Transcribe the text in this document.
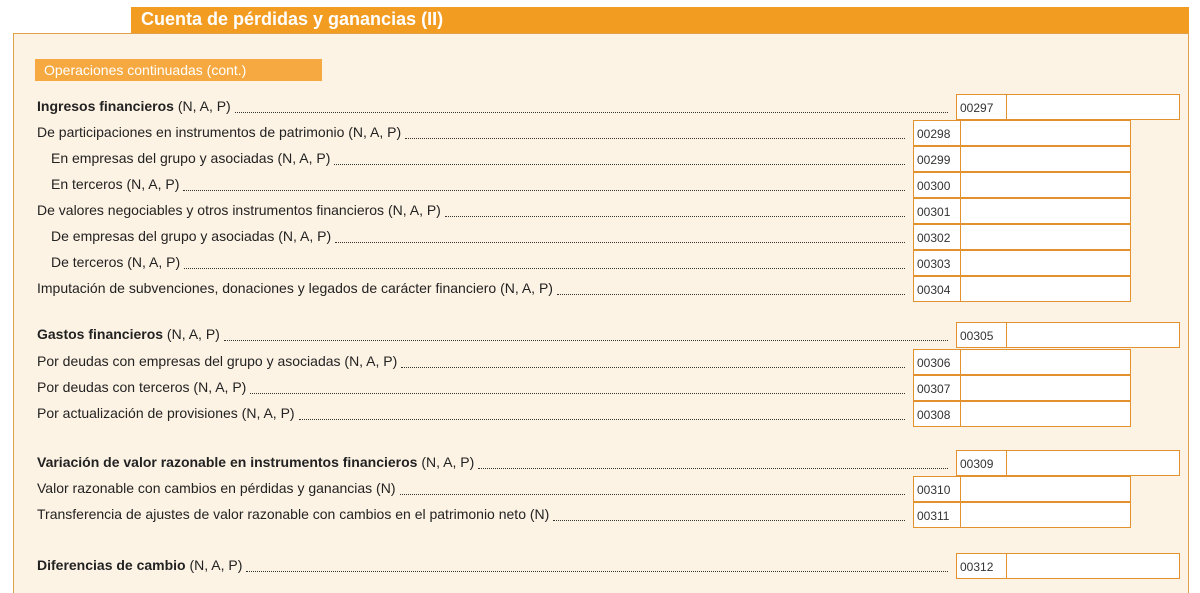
Cuenta de pérdidas y ganancias (II)
Operaciones continuadas (cont.)
Ingresos financieros (N, A, P)	00297
De participaciones en instrumentos de patrimonio (N, A, P)	00298
En empresas del grupo y asociadas (N, A, P)	00299
En terceros (N, A, P)	00300
De valores negociables y otros instrumentos financieros (N, A, P)	00301
De empresas del grupo y asociadas (N, A, P)	00302
De terceros (N, A, P)	00303
Imputación de subvenciones, donaciones y legados de carácter financiero (N, A, P)	00304
Gastos financieros (N, A, P)	00305
Por deudas con empresas del grupo y asociadas (N, A, P)	00306
Por deudas con terceros (N, A, P)	00307
Por actualización de provisiones (N, A, P)	00308
Variación de valor razonable en instrumentos financieros (N, A, P)	00309
Valor razonable con cambios en pérdidas y ganancias (N)	00310
Transferencia de ajustes de valor razonable con cambios en el patrimonio neto (N)	00311
Diferencias de cambio (N, A, P)	00312
